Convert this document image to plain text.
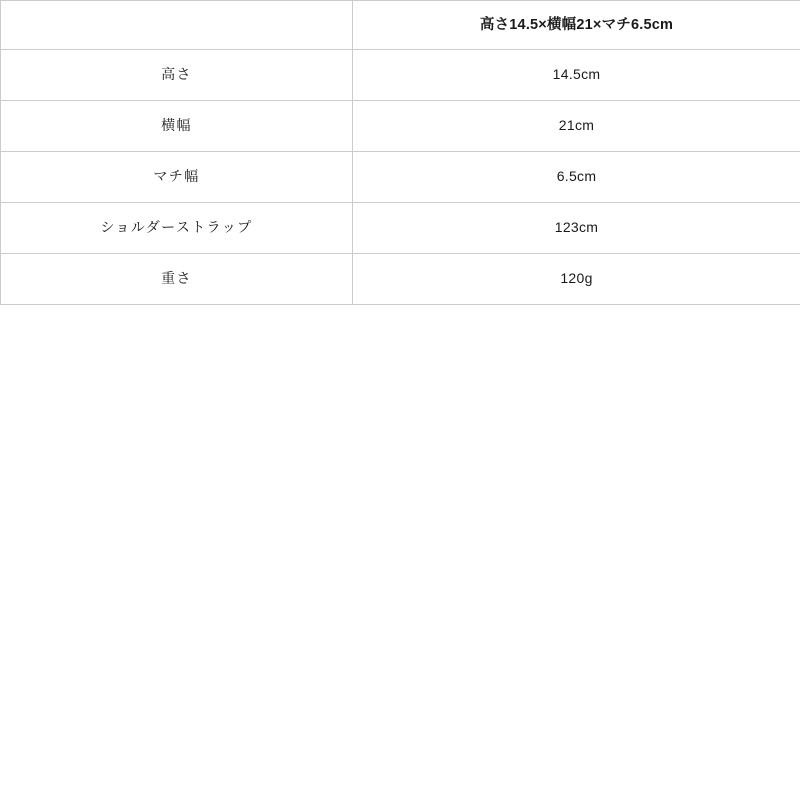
	高さ14.5×横幅21×マチ6.5cm
高さ	14.5cm
横幅	21cm
マチ幅	6.5cm
ショルダーストラップ	123cm
重さ	120g
